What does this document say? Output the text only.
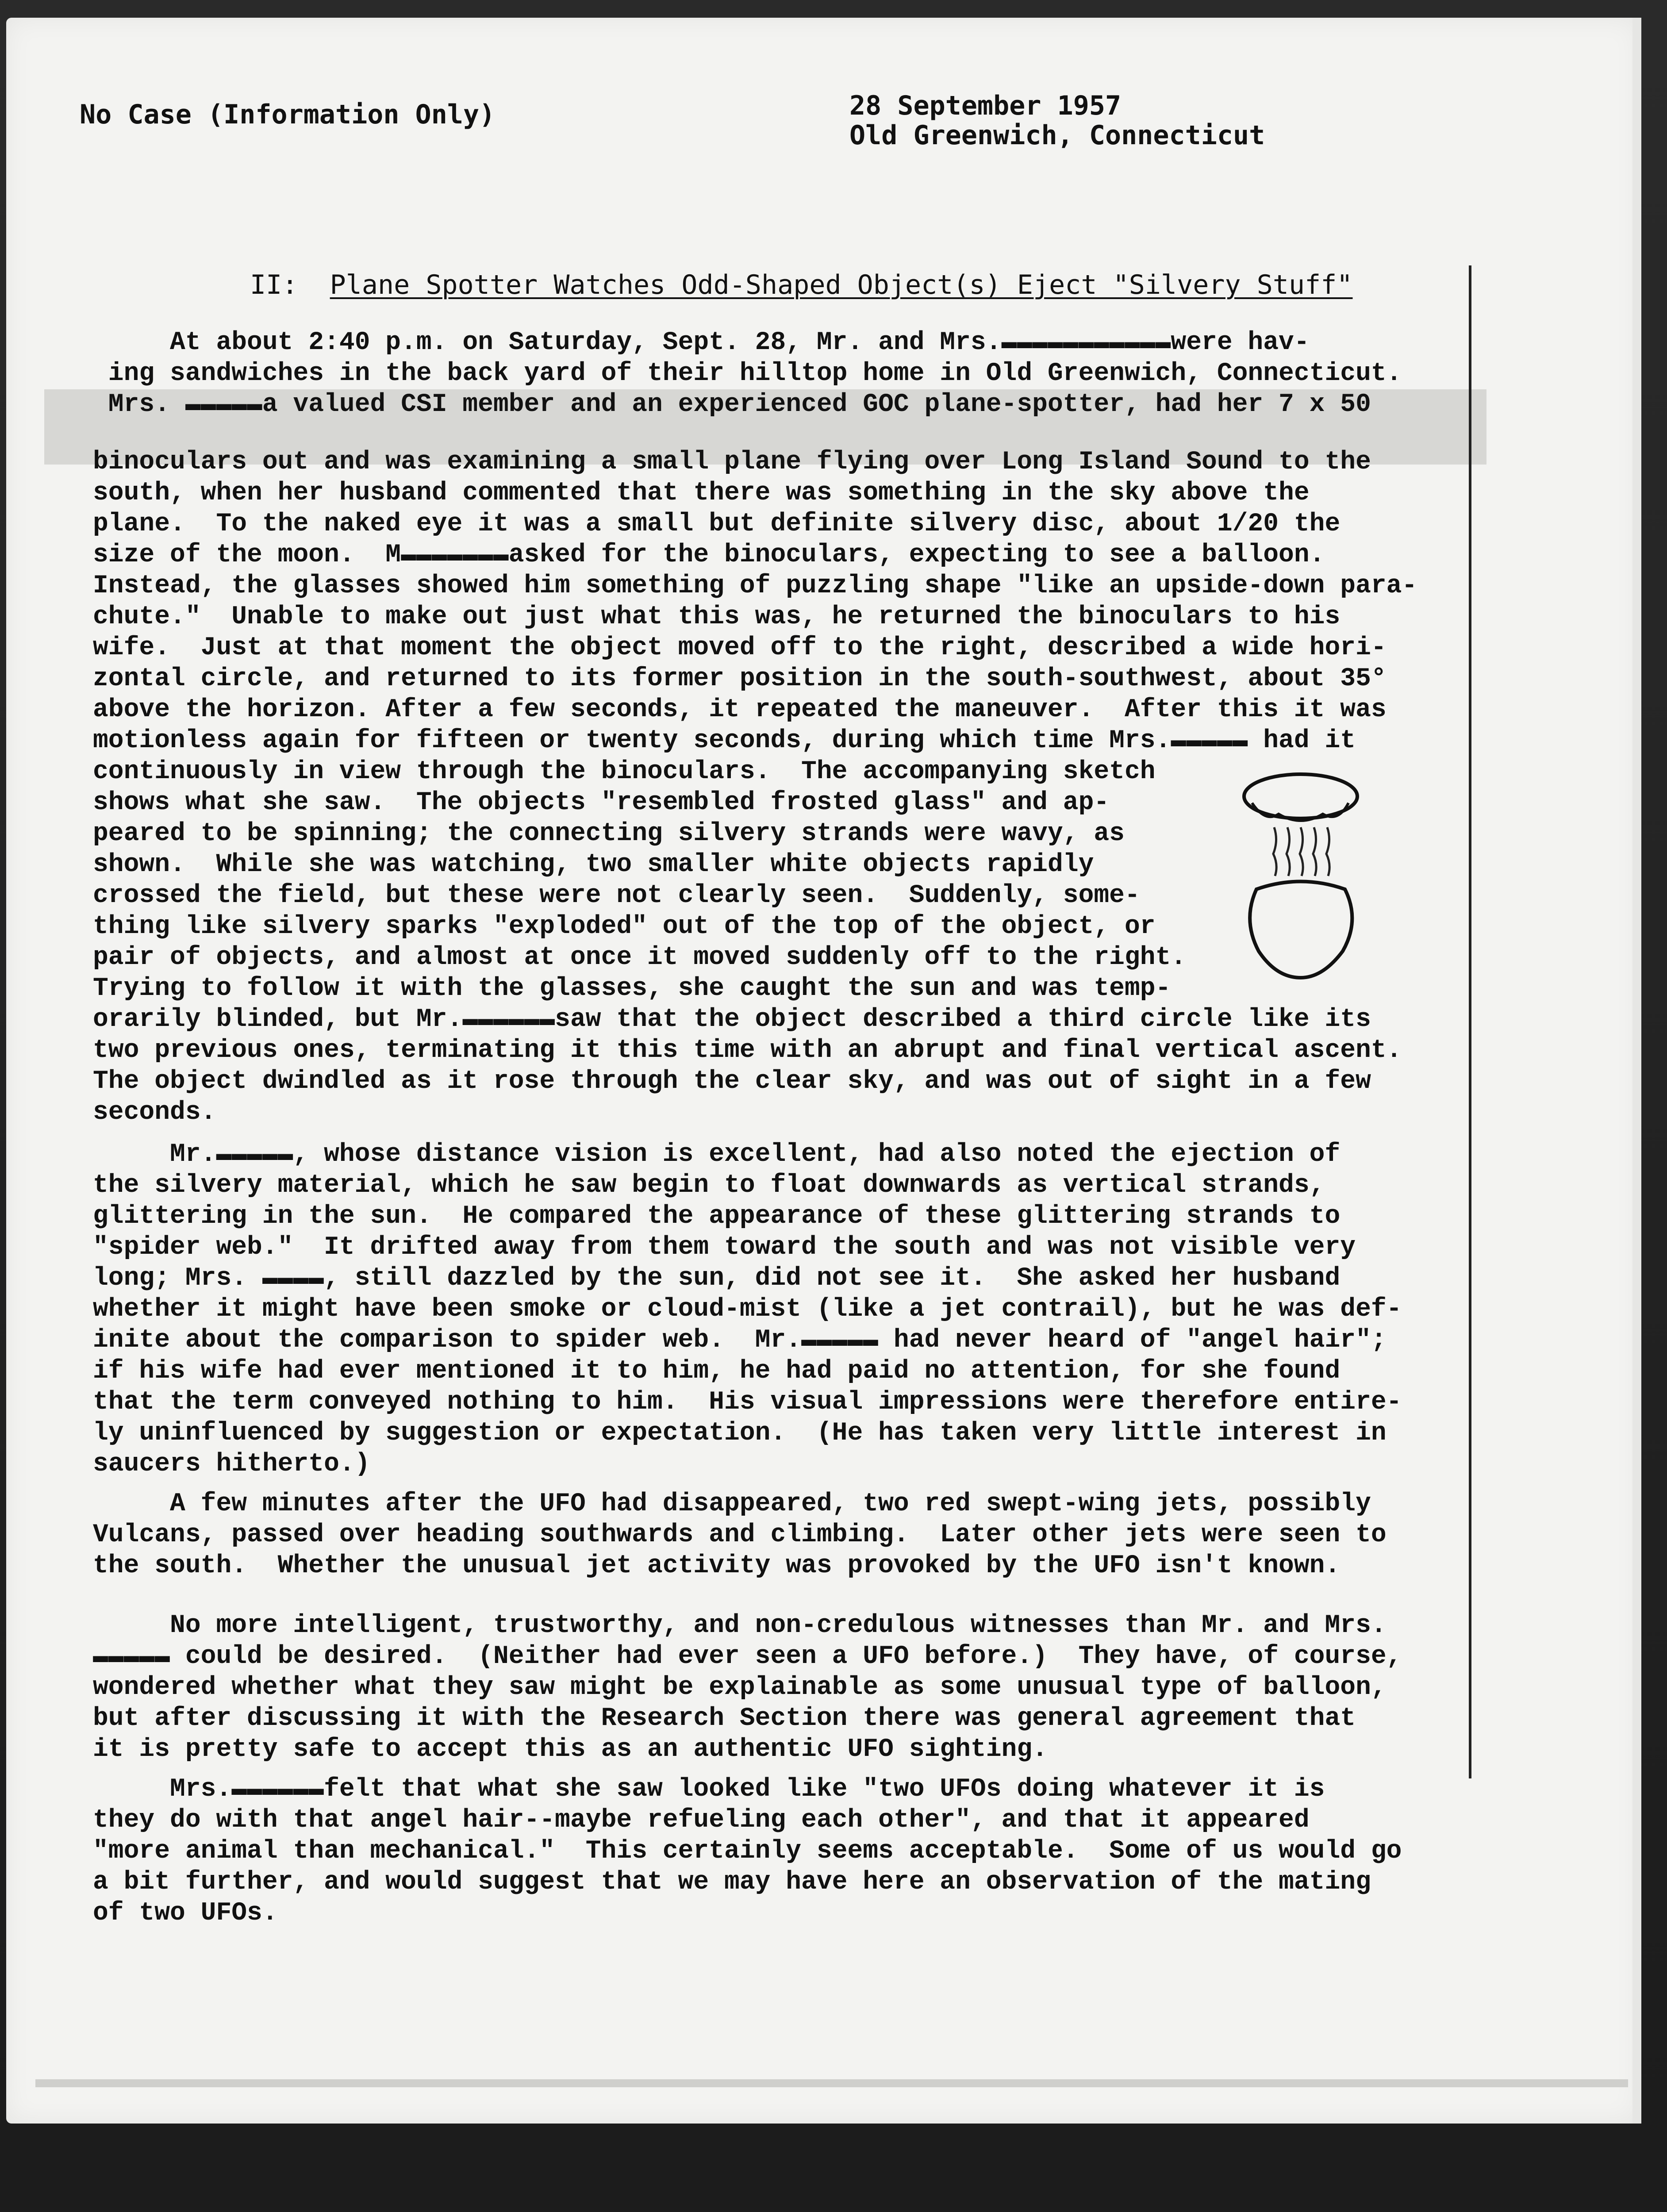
No Case (Information Only)	28 September 1957
Old Greenwich, Connecticut
II: Plane Spotter Watches Odd-Shaped Object(s) Eject "Silvery Stuff"
At about 2:40 p.m. on Saturday, Sept. 28, Mr. and Mrs.▬▬▬▬▬▬▬▬▬▬▬were hav-
ing sandwiches in the back yard of their hilltop home in Old Greenwich, Connecticut.
Mrs. ▬▬▬▬▬a valued CSI member and an experienced GOC plane-spotter, had her 7 x 50
binoculars out and was examining a small plane flying over Long Island Sound to the
south, when her husband commented that there was something in the sky above the
plane.  To the naked eye it was a small but definite silvery disc, about 1/20 the
size of the moon.  M▬▬▬▬▬▬▬asked for the binoculars, expecting to see a balloon.
Instead, the glasses showed him something of puzzling shape "like an upside-down para-
chute."  Unable to make out just what this was, he returned the binoculars to his
wife.  Just at that moment the object moved off to the right, described a wide hori-
zontal circle, and returned to its former position in the south-southwest, about 35°
above the horizon. After a few seconds, it repeated the maneuver.  After this it was
motionless again for fifteen or twenty seconds, during which time Mrs.▬▬▬▬▬ had it
continuously in view through the binoculars.  The accompanying sketch
shows what she saw.  The objects "resembled frosted glass" and ap-
peared to be spinning; the connecting silvery strands were wavy, as
shown.  While she was watching, two smaller white objects rapidly
crossed the field, but these were not clearly seen.  Suddenly, some-
thing like silvery sparks "exploded" out of the top of the object, or
pair of objects, and almost at once it moved suddenly off to the right.
Trying to follow it with the glasses, she caught the sun and was temp-
orarily blinded, but Mr.▬▬▬▬▬▬saw that the object described a third circle like its
two previous ones, terminating it this time with an abrupt and final vertical ascent.
The object dwindled as it rose through the clear sky, and was out of sight in a few
seconds.
Mr.▬▬▬▬▬, whose distance vision is excellent, had also noted the ejection of
the silvery material, which he saw begin to float downwards as vertical strands,
glittering in the sun.  He compared the appearance of these glittering strands to
"spider web."  It drifted away from them toward the south and was not visible very
long; Mrs. ▬▬▬▬, still dazzled by the sun, did not see it.  She asked her husband
whether it might have been smoke or cloud-mist (like a jet contrail), but he was def-
inite about the comparison to spider web.  Mr.▬▬▬▬▬ had never heard of "angel hair";
if his wife had ever mentioned it to him, he had paid no attention, for she found
that the term conveyed nothing to him.  His visual impressions were therefore entire-
ly uninfluenced by suggestion or expectation.  (He has taken very little interest in
saucers hitherto.)
A few minutes after the UFO had disappeared, two red swept-wing jets, possibly
Vulcans, passed over heading southwards and climbing.  Later other jets were seen to
the south.  Whether the unusual jet activity was provoked by the UFO isn't known.
No more intelligent, trustworthy, and non-credulous witnesses than Mr. and Mrs.
▬▬▬▬▬ could be desired.  (Neither had ever seen a UFO before.)  They have, of course,
wondered whether what they saw might be explainable as some unusual type of balloon,
but after discussing it with the Research Section there was general agreement that
it is pretty safe to accept this as an authentic UFO sighting.
Mrs.▬▬▬▬▬▬felt that what she saw looked like "two UFOs doing whatever it is
they do with that angel hair--maybe refueling each other", and that it appeared
"more animal than mechanical."  This certainly seems acceptable.  Some of us would go
a bit further, and would suggest that we may have here an observation of the mating
of two UFOs.
